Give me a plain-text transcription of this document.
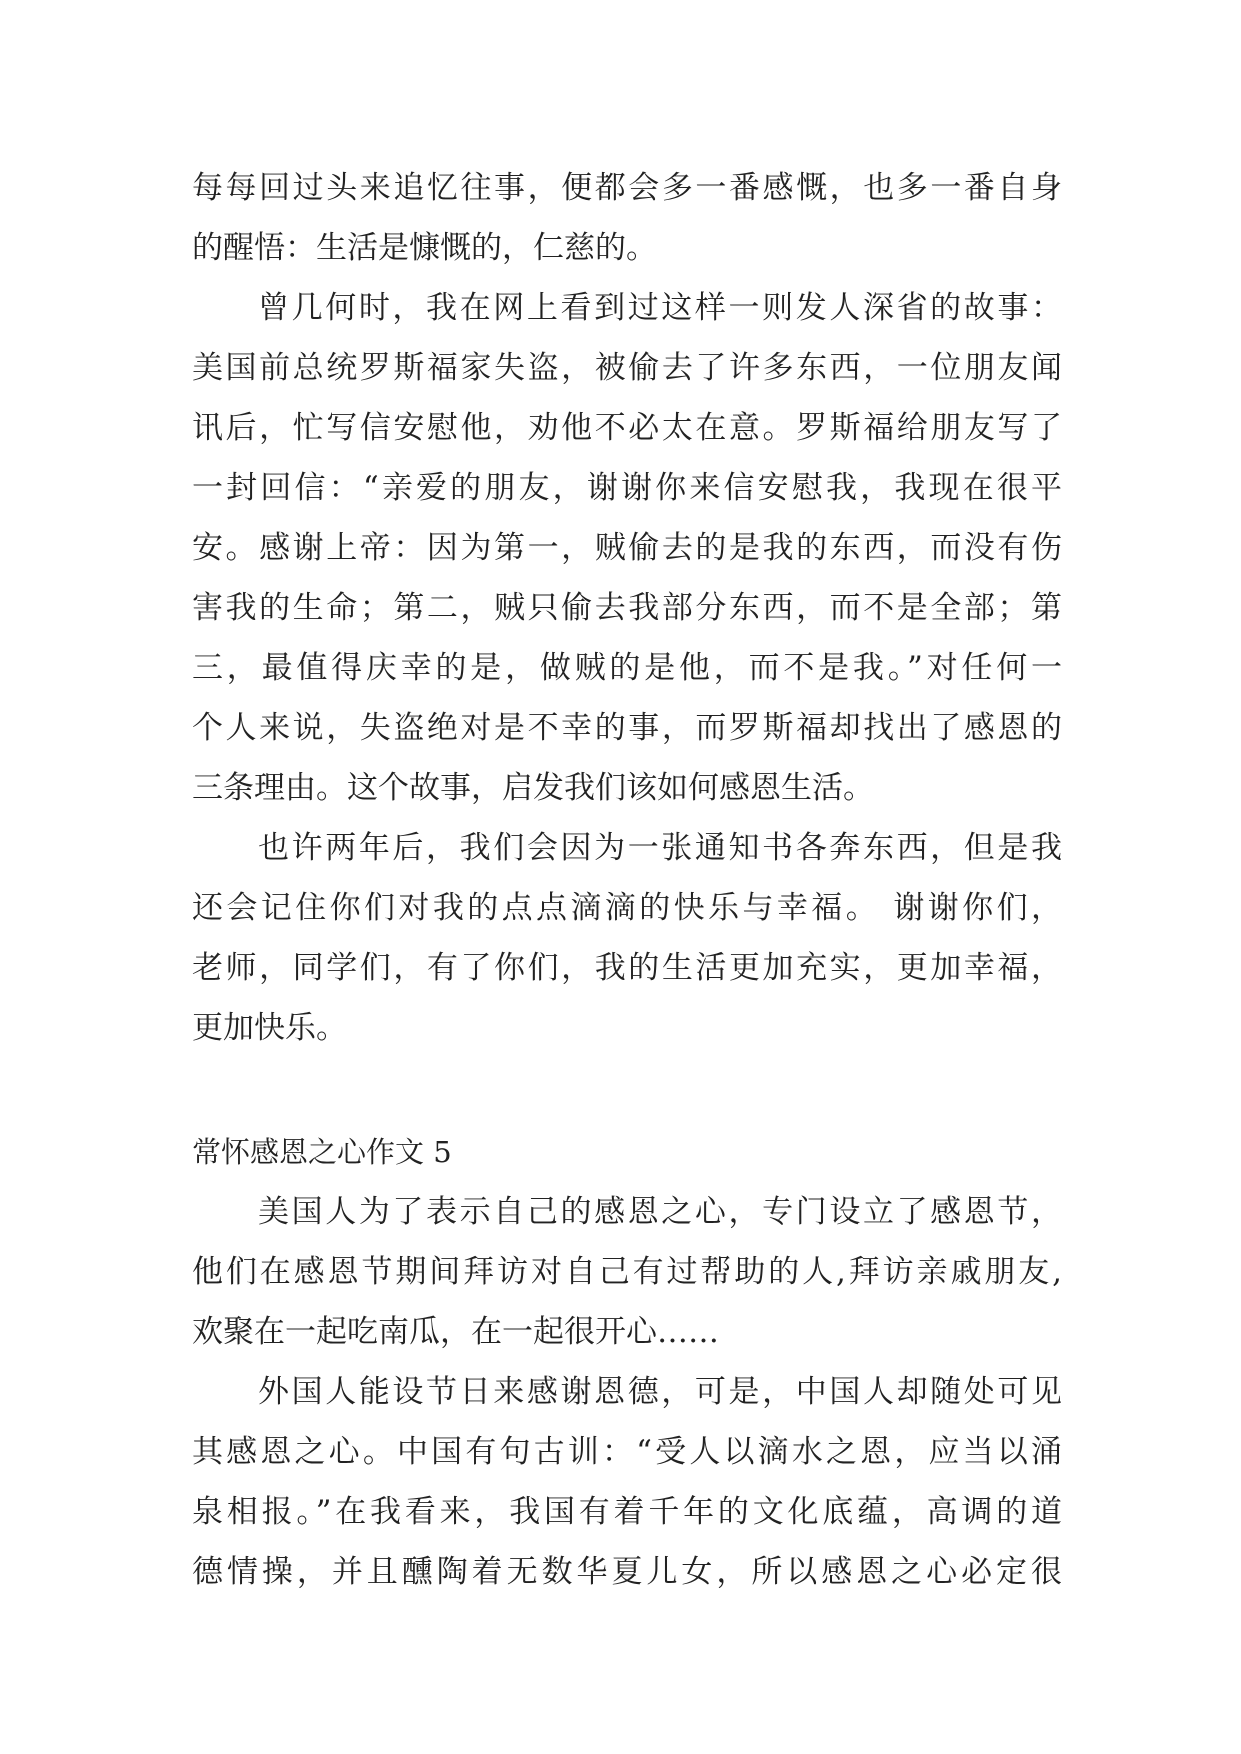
每每回过头来追忆往事，便都会多一番感慨，也多一番自身
的醒悟：生活是慷慨的，仁慈的。
曾几何时，我在网上看到过这样一则发人深省的故事：
美国前总统罗斯福家失盗，被偷去了许多东西，一位朋友闻
讯后，忙写信安慰他，劝他不必太在意。罗斯福给朋友写了
一封回信：“亲爱的朋友，谢谢你来信安慰我，我现在很平
安。感谢上帝：因为第一，贼偷去的是我的东西，而没有伤
害我的生命；第二，贼只偷去我部分东西，而不是全部；第
三，最值得庆幸的是，做贼的是他，而不是我。”对任何一
个人来说，失盗绝对是不幸的事，而罗斯福却找出了感恩的
三条理由。这个故事，启发我们该如何感恩生活。
也许两年后，我们会因为一张通知书各奔东西，但是我
还会记住你们对我的点点滴滴的快乐与幸福。 谢谢你们，
老师，同学们，有了你们，我的生活更加充实，更加幸福，
更加快乐。
常怀感恩之心作文 5
美国人为了表示自己的感恩之心，专门设立了感恩节，
他们在感恩节期间拜访对自己有过帮助的人,拜访亲戚朋友,
欢聚在一起吃南瓜，在一起很开心……
外国人能设节日来感谢恩德，可是，中国人却随处可见
其感恩之心。中国有句古训：“受人以滴水之恩，应当以涌
泉相报。”在我看来，我国有着千年的文化底蕴，高调的道
德情操，并且醺陶着无数华夏儿女，所以感恩之心必定很
